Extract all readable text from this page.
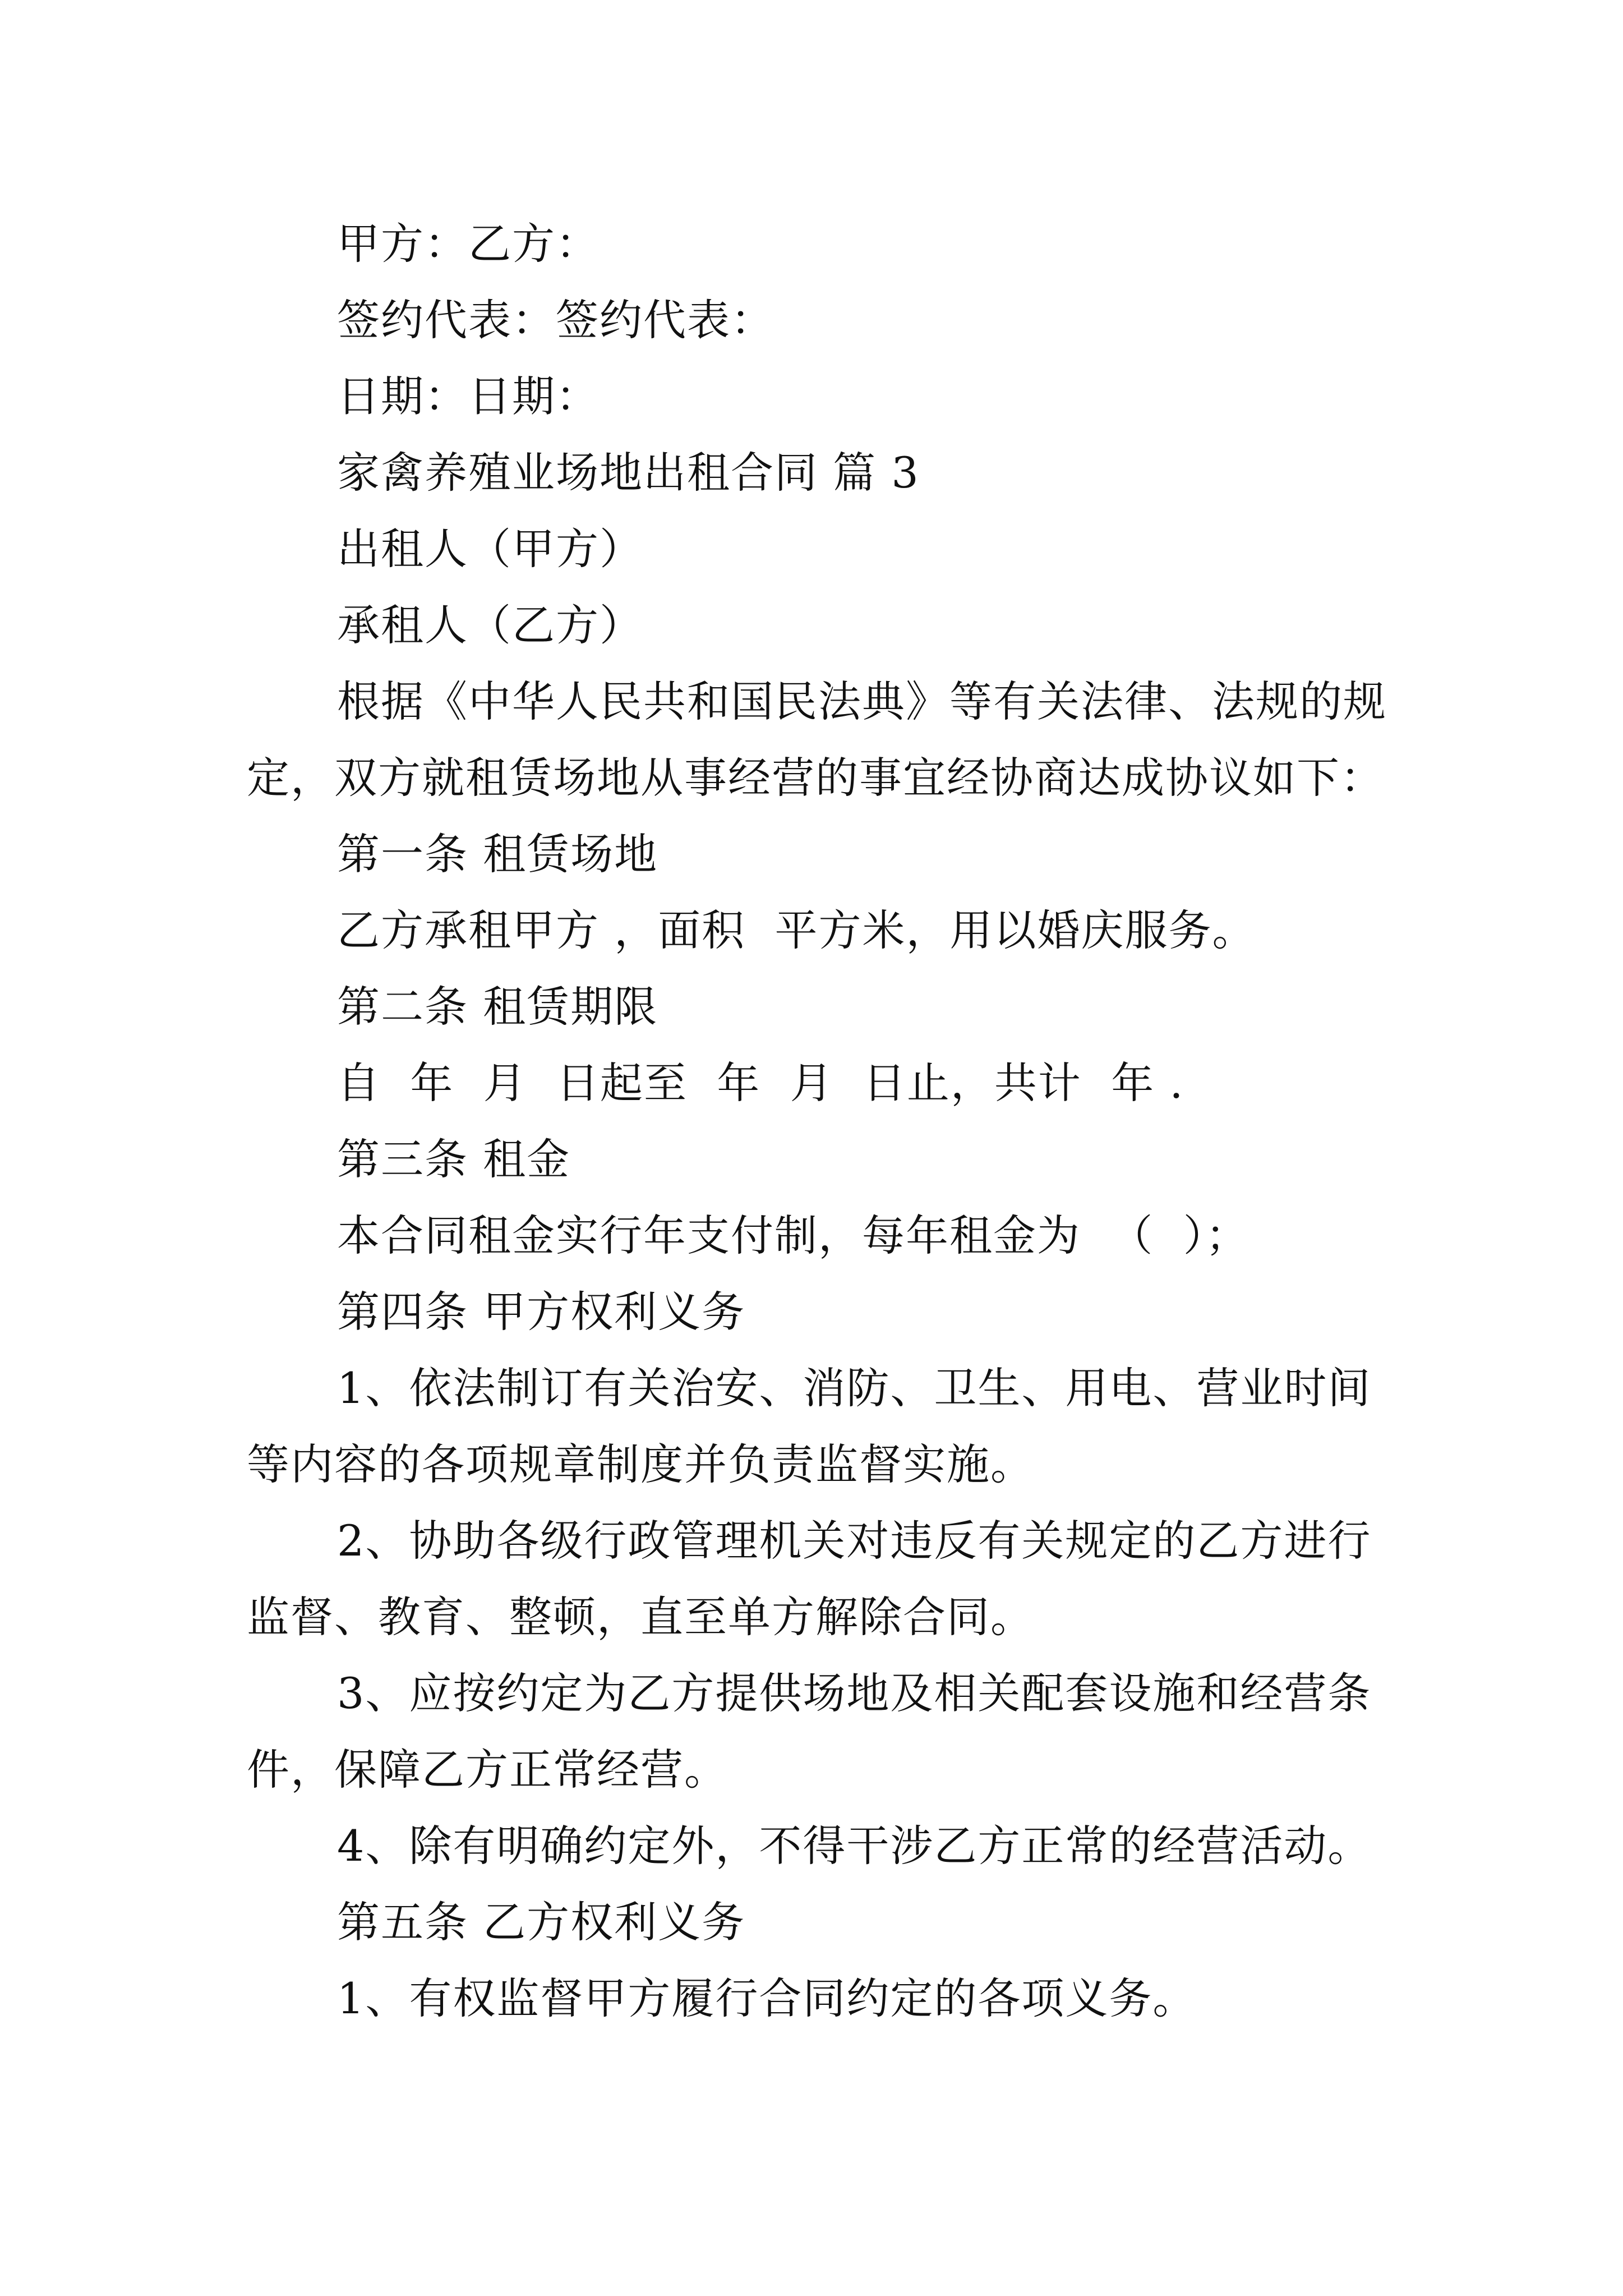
甲方：乙方：
签约代表：签约代表：
日期：日期：
家禽养殖业场地出租合同 篇 3
出租人（甲方）
承租人（乙方）
根据《中华人民共和国民法典》等有关法律、法规的规
定，双方就租赁场地从事经营的事宜经协商达成协议如下：
第一条 租赁场地
乙方承租甲方 ，面积  平方米，用以婚庆服务。
第二条 租赁期限
自  年  月  日起至  年  月  日止，共计  年 .
第三条 租金
本合同租金实行年支付制，每年租金为  （  ）；
第四条 甲方权利义务
1、依法制订有关治安、消防、卫生、用电、营业时间
等内容的各项规章制度并负责监督实施。
2、协助各级行政管理机关对违反有关规定的乙方进行
监督、教育、整顿，直至单方解除合同。
3、应按约定为乙方提供场地及相关配套设施和经营条
件，保障乙方正常经营。
4、除有明确约定外，不得干涉乙方正常的经营活动。
第五条 乙方权利义务
1、有权监督甲方履行合同约定的各项义务。
